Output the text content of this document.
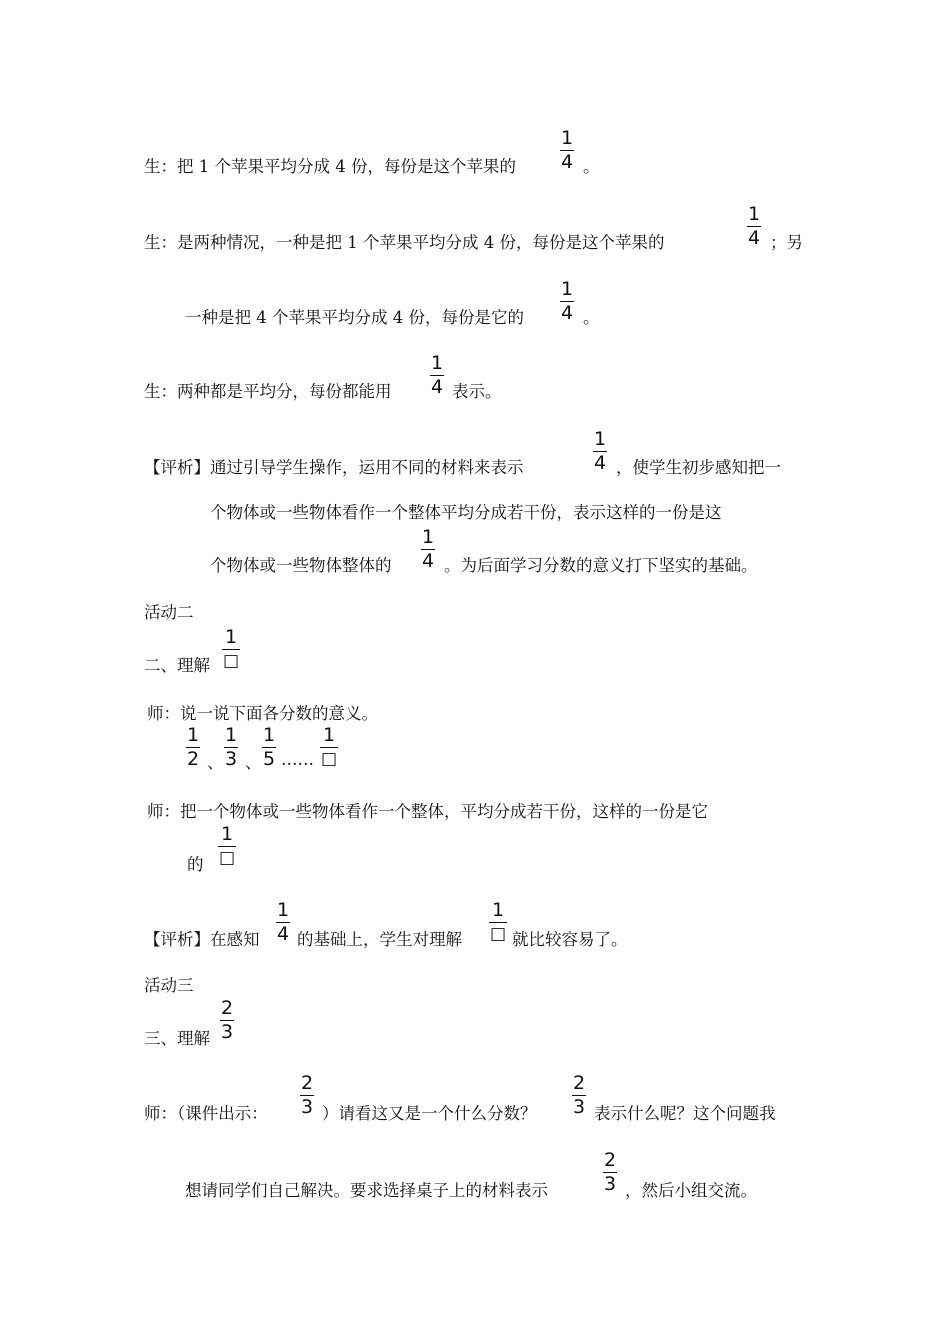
生：把 1 个苹果平均分成 4 份，每份是这个苹果的
1
4 。
生：是两种情况，一种是把 1 个苹果平均分成 4 份，每份是这个苹果的
1
4 ；另
一种是把 4 个苹果平均分成 4 份，每份是它的
1
4 。
生：两种都是平均分，每份都能用
1
4 表示。
【评析】通过引导学生操作，运用不同的材料来表示
1
4 ，使学生初步感知把一
个物体或一些物体看作一个整体平均分成若干份，表示这样的一份是这
个物体或一些物体整体的
1
4 。为后面学习分数的意义打下坚实的基础。
活动二
二、理解
1
□
师：说一说下面各分数的意义。
1
2 、
1
3 、
1
5 ……
1
□
师：把一个物体或一些物体看作一个整体，平均分成若干份，这样的一份是它
的
1
□
【评析】在感知
1
4 的基础上，学生对理解
1
□ 就比较容易了。
活动三
三、理解
2
3
师：（课件出示：
2
3 ）请看这又是一个什么分数？
2
3 表示什么呢？这个问题我
想请同学们自己解决。要求选择桌子上的材料表示
2
3 ，然后小组交流。
